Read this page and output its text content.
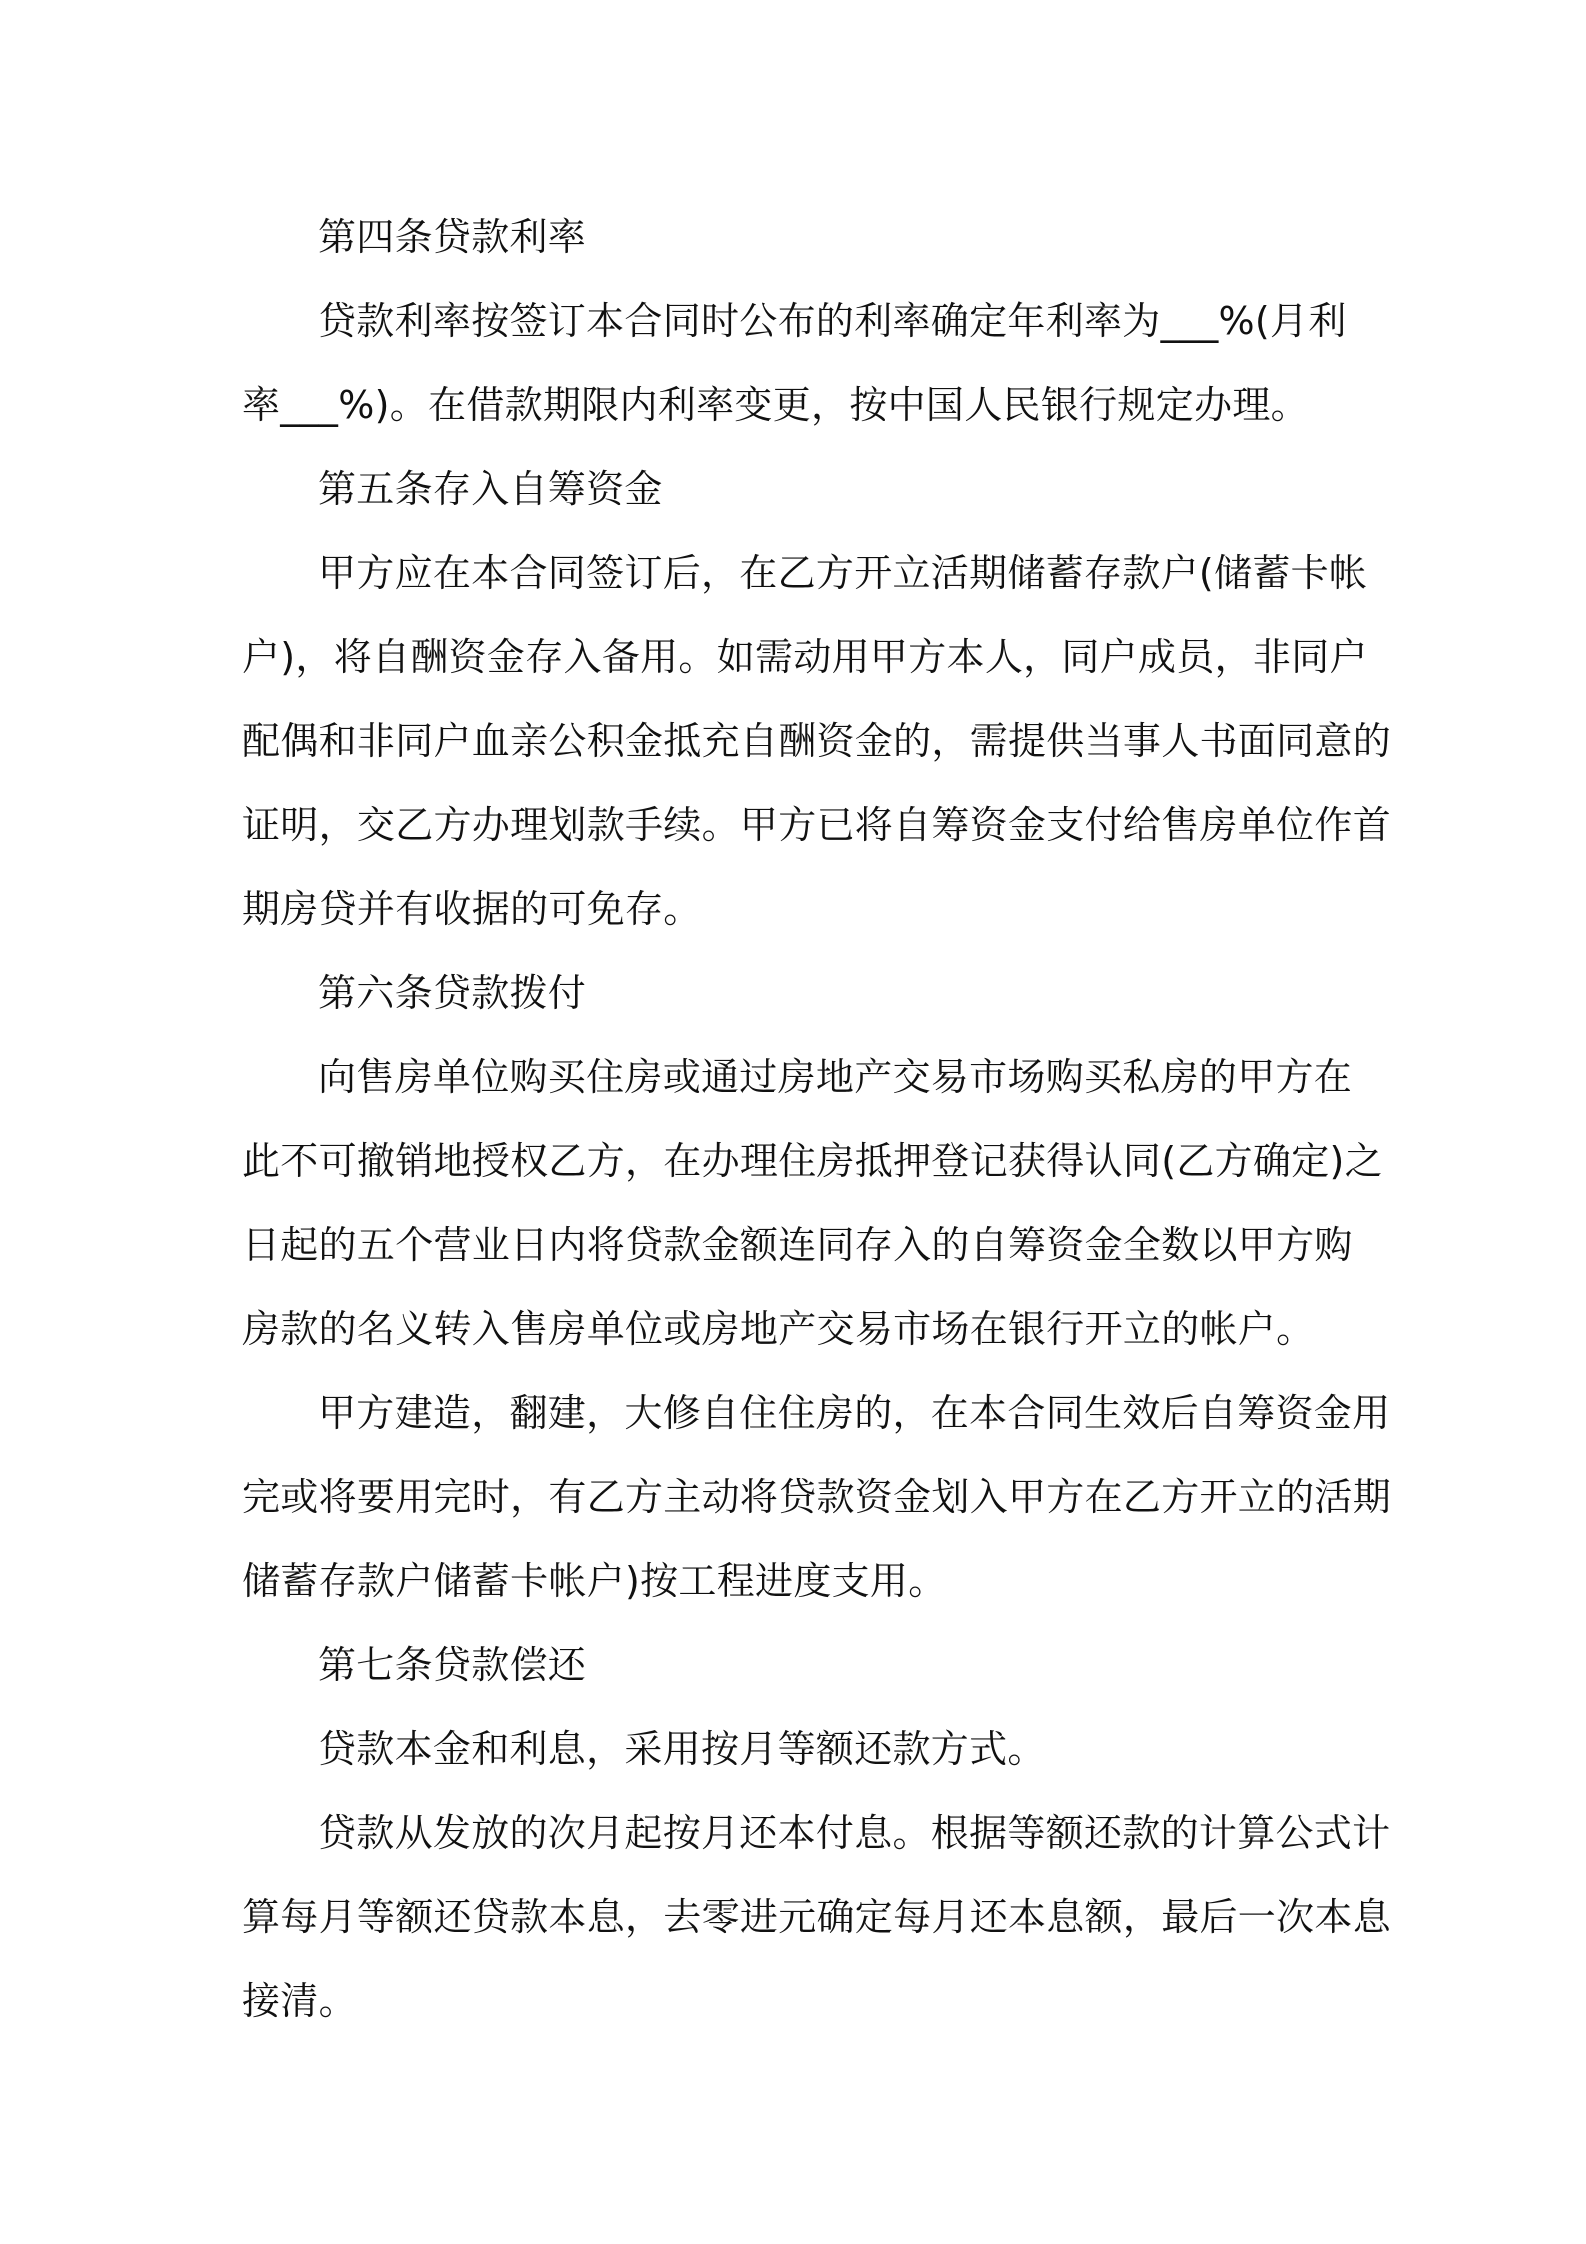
第四条贷款利率
贷款利率按签订本合同时公布的利率确定年利率为___%(月利
率___%)。在借款期限内利率变更，按中国人民银行规定办理。
第五条存入自筹资金
甲方应在本合同签订后，在乙方开立活期储蓄存款户(储蓄卡帐
户)，将自酬资金存入备用。如需动用甲方本人，同户成员，非同户
配偶和非同户血亲公积金抵充自酬资金的，需提供当事人书面同意的
证明，交乙方办理划款手续。甲方已将自筹资金支付给售房单位作首
期房贷并有收据的可免存。
第六条贷款拨付
向售房单位购买住房或通过房地产交易市场购买私房的甲方在
此不可撤销地授权乙方，在办理住房抵押登记获得认同(乙方确定)之
日起的五个营业日内将贷款金额连同存入的自筹资金全数以甲方购
房款的名义转入售房单位或房地产交易市场在银行开立的帐户。
甲方建造，翻建，大修自住住房的，在本合同生效后自筹资金用
完或将要用完时，有乙方主动将贷款资金划入甲方在乙方开立的活期
储蓄存款户储蓄卡帐户)按工程进度支用。
第七条贷款偿还
贷款本金和利息，采用按月等额还款方式。
贷款从发放的次月起按月还本付息。根据等额还款的计算公式计
算每月等额还贷款本息，去零进元确定每月还本息额，最后一次本息
接清。
